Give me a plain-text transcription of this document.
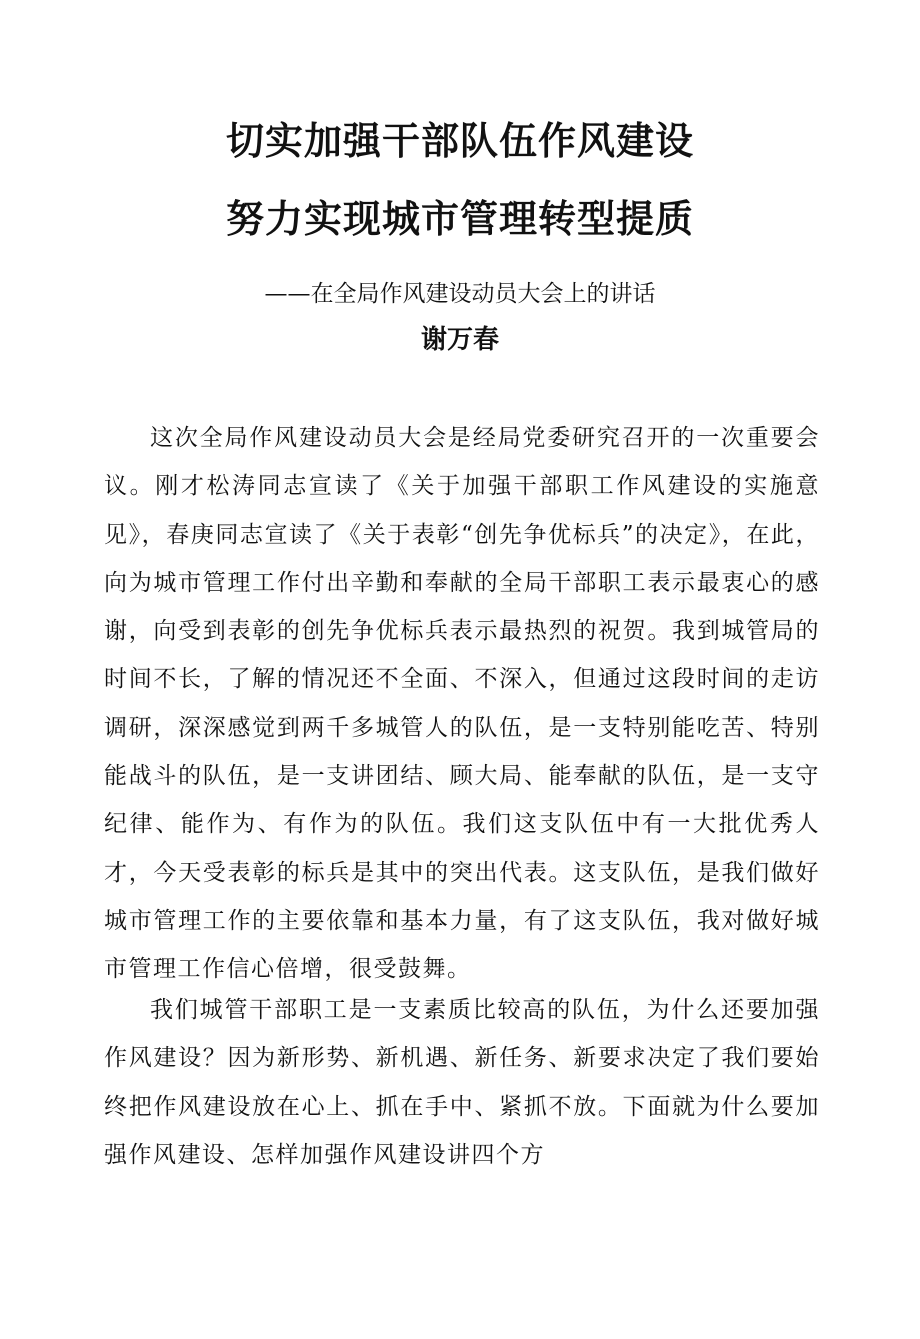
切实加强干部队伍作风建设
努力实现城市管理转型提质
——在全局作风建设动员大会上的讲话
谢万春

这次全局作风建设动员大会是经局党委研究召开的一次重要会议。刚才松涛同志宣读了《关于加强干部职工作风建设的实施意见》，春庚同志宣读了《关于表彰“创先争优标兵”的决定》，在此，向为城市管理工作付出辛勤和奉献的全局干部职工表示最衷心的感谢，向受到表彰的创先争优标兵表示最热烈的祝贺。我到城管局的时间不长，了解的情况还不全面、不深入，但通过这段时间的走访调研，深深感觉到两千多城管人的队伍，是一支特别能吃苦、特别能战斗的队伍，是一支讲团结、顾大局、能奉献的队伍，是一支守纪律、能作为、有作为的队伍。我们这支队伍中有一大批优秀人才，今天受表彰的标兵是其中的突出代表。这支队伍，是我们做好城市管理工作的主要依靠和基本力量，有了这支队伍，我对做好城市管理工作信心倍增，很受鼓舞。

我们城管干部职工是一支素质比较高的队伍，为什么还要加强作风建设？因为新形势、新机遇、新任务、新要求决定了我们要始终把作风建设放在心上、抓在手中、紧抓不放。下面就为什么要加强作风建设、怎样加强作风建设讲四个方
